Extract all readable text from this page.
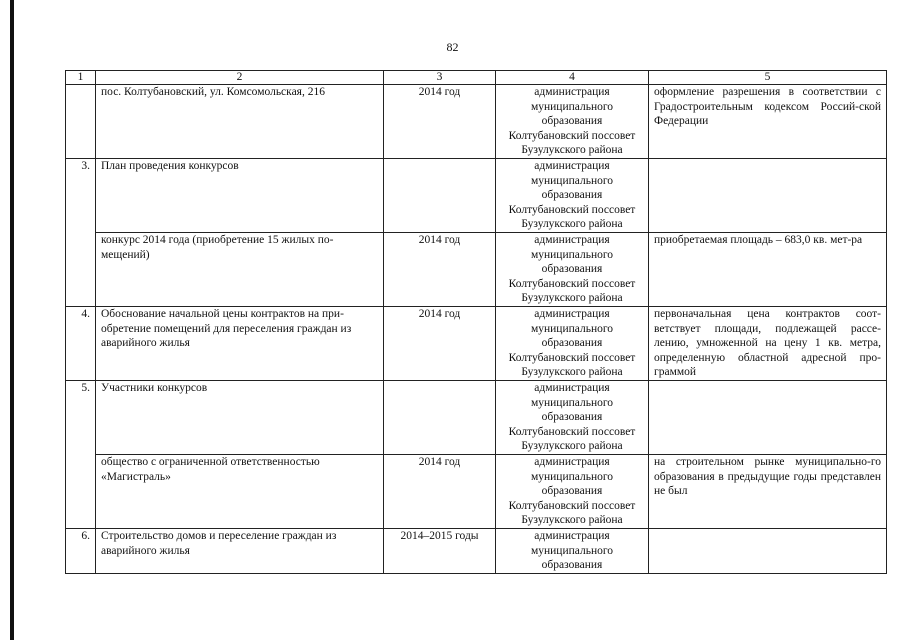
82
1	2	3	4	5
	пос. Колтубановский, ул. Комсомольская, 216	2014 год	администрация
муниципального
образования
Колтубановский поссовет
Бузулукского района	оформление разрешения в соответствии с Градостроительным кодексом Россий-ской Федерации
3.	План проведения конкурсов		администрация
муниципального
образования
Колтубановский поссовет
Бузулукского района	
	конкурс 2014 года (приобретение 15 жилых по-мещений)	2014 год	администрация
муниципального
образования
Колтубановский поссовет
Бузулукского района	приобретаемая площадь – 683,0 кв. мет-ра
4.	Обоснование начальной цены контрактов на при-обретение помещений для переселения граждан из аварийного жилья	2014 год	администрация
муниципального
образования
Колтубановский поссовет
Бузулукского района	первоначальная цена контрактов соот-ветствует площади, подлежащей рассе-лению, умноженной на цену 1 кв. метра, определенную областной адресной про-граммой
5.	Участники конкурсов		администрация
муниципального
образования
Колтубановский поссовет
Бузулукского района	
	общество с ограниченной ответственностью «Магистраль»	2014 год	администрация
муниципального
образования
Колтубановский поссовет
Бузулукского района	на строительном рынке муниципально-го образования в предыдущие годы представлен не был
6.	Строительство домов и переселение граждан из аварийного жилья	2014–2015 годы	администрация
муниципального
образования	
